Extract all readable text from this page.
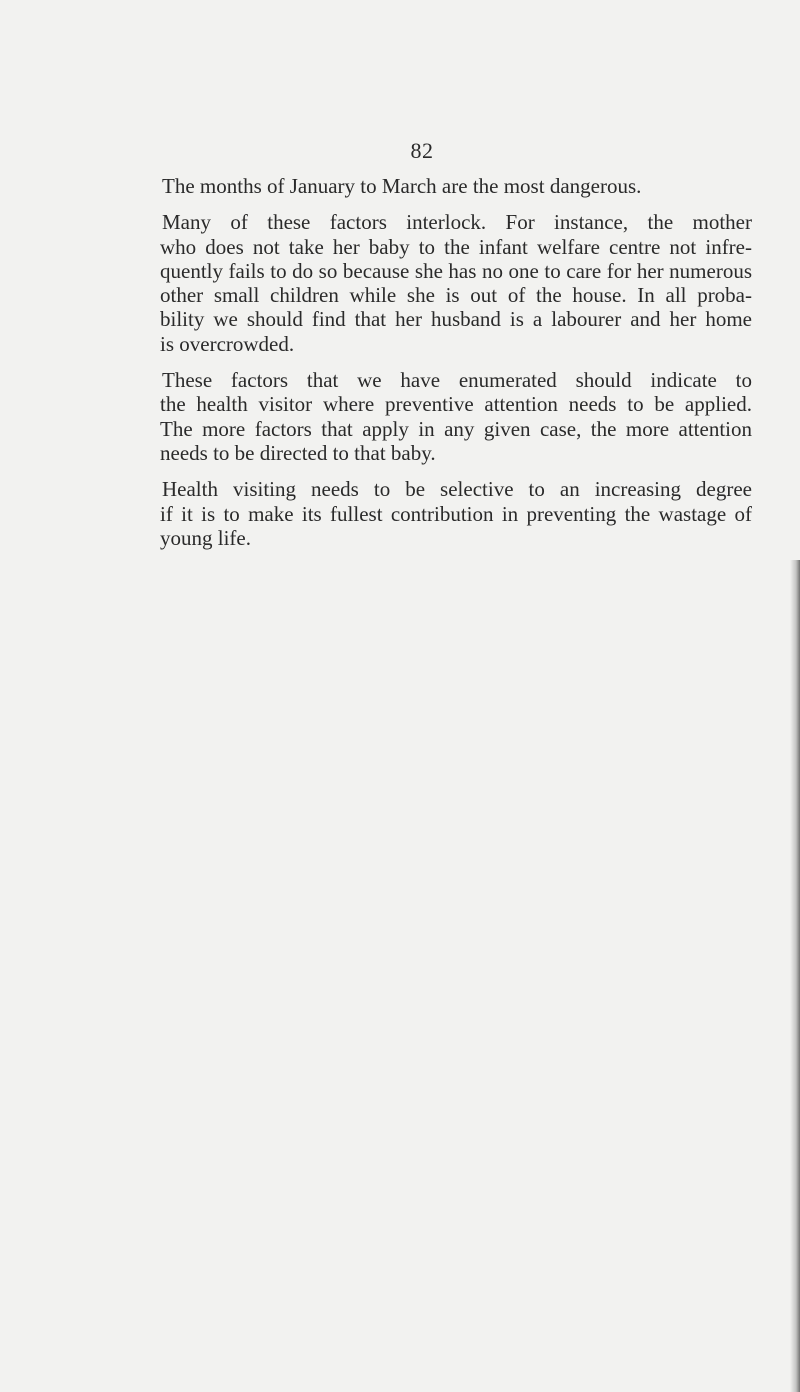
82
The months of January to March are the most dangerous.
Many of these factors interlock. For instance, the mother
who does not take her baby to the infant welfare centre not infre-
quently fails to do so because she has no one to care for her numerous
other small children while she is out of the house. In all proba-
bility we should find that her husband is a labourer and her home
is overcrowded.
These factors that we have enumerated should indicate to
the health visitor where preventive attention needs to be applied.
The more factors that apply in any given case, the more attention
needs to be directed to that baby.
Health visiting needs to be selective to an increasing degree
if it is to make its fullest contribution in preventing the wastage of
young life.
